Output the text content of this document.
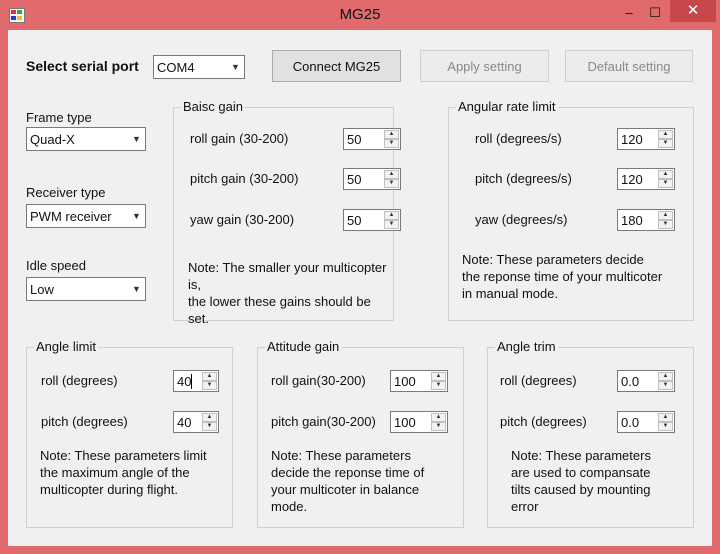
MG25	–	☐	✕
Select serial port COM4	▼	Connect MG25	Apply setting	Default setting
Frame type
Quad-X	▼
Receiver type
PWM receiver ▼
Idle speed
Low	▼
Baisc gain
roll gain (30-200)	50	▲
▼
pitch gain (30-200)	50	▲
▼
yaw gain (30-200)	50	▲
▼
Note: The smaller your multicopter is,
the lower these gains should be set.
Angular rate limit
roll (degrees/s)	120	▲
▼
pitch (degrees/s)	120	▲
▼
yaw (degrees/s)	180	▲
▼
Note: These parameters decide
the reponse time of your multicoter
in manual mode.
Angle limit
roll (degrees)	40	▲
▼
pitch (degrees)	40	▲
▼
Note: These parameters limit
the maximum angle of the
multicopter during flight.
Attitude gain
roll gain(30-200) 100	▲
▼
pitch gain(30-200) 100	▲
▼
Note: These parameters
decide the reponse time of
your multicoter in balance
mode.
Angle trim
roll (degrees)	0.0	▲
▼
pitch (degrees)	0.0	▲
▼
Note: These parameters
are used to compansate
tilts caused by mounting
error
